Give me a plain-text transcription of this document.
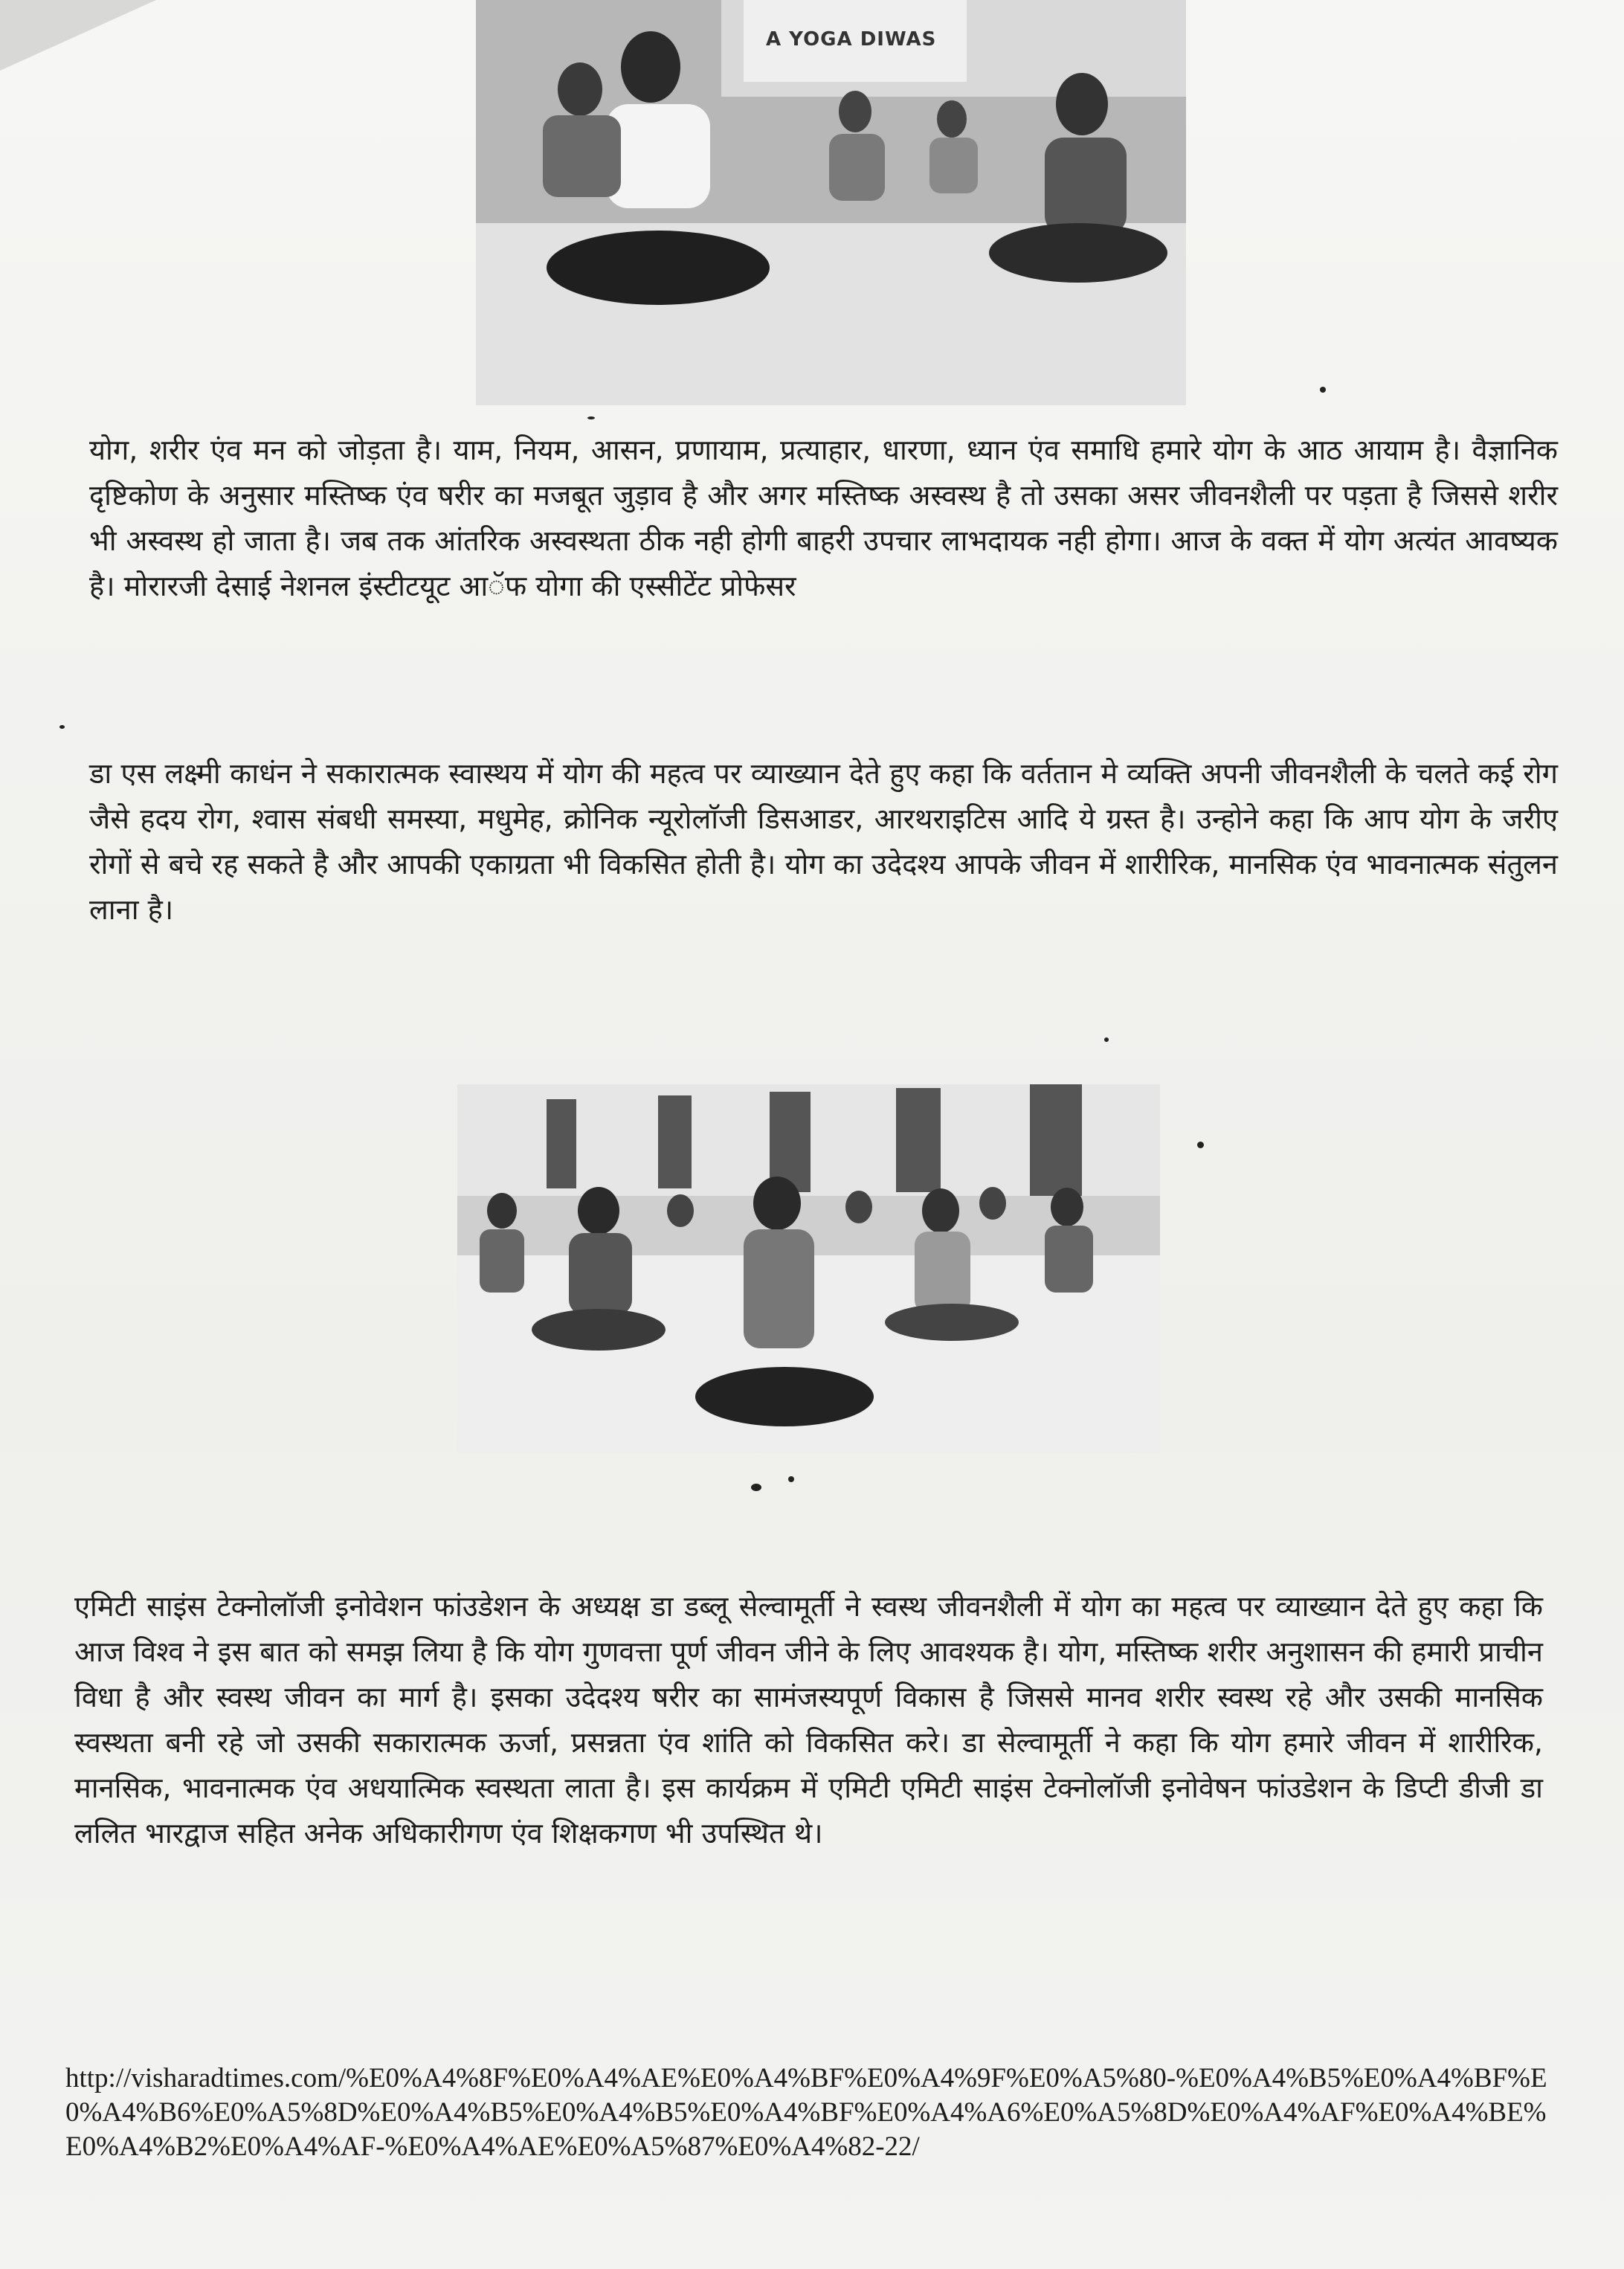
A YOGA DIWAS
योग, शरीर एंव मन को जोड़ता है। याम, नियम, आसन, प्रणायाम, प्रत्याहार, धारणा, ध्यान एंव समाधि हमारे योग के आठ आयाम है। वैज्ञानिक दृष्टिकोण के अनुसार मस्तिष्क एंव षरीर का मजबूत जुड़ाव है और अगर मस्तिष्क अस्वस्थ है तो उसका असर जीवनशैली पर पड़ता है जिससे शरीर भी अस्वस्थ हो जाता है। जब तक आंतरिक अस्वस्थता ठीक नही होगी बाहरी उपचार लाभदायक नही होगा। आज के वक्त में योग अत्यंत आवष्यक है। मोरारजी देसाई नेशनल इंस्टीटयूट आॅफ योगा की एस्सीटेंट प्रोफेसर
डा एस लक्ष्मी काधंन ने सकारात्मक स्वास्थय में योग की महत्व पर व्याख्यान देते हुए कहा कि वर्ततान मे व्यक्ति अपनी जीवनशैली के चलते कई रोग जैसे हदय रोग, श्वास संबधी समस्या, मधुमेह, क्रोनिक न्यूरोलाॅजी डिसआडर, आरथराइटिस आदि ये ग्रस्त है। उन्होने कहा कि आप योग के जरीए रोगों से बचे रह सकते है और आपकी एकाग्रता भी विकसित होती है। योग का उदेदश्य आपके जीवन में शारीरिक, मानसिक एंव भावनात्मक संतुलन लाना है।
एमिटी साइंस टेक्नोलाॅजी इनोवेशन फांउडेशन के अध्यक्ष डा डब्लू सेल्वामूर्ती ने स्वस्थ जीवनशैली में योग का महत्व पर व्याख्यान देते हुए कहा कि आज विश्व ने इस बात को समझ लिया है कि योग गुणवत्ता पूर्ण जीवन जीने के लिए आवश्यक है। योग, मस्तिष्क शरीर अनुशासन की हमारी प्राचीन विधा है और स्वस्थ जीवन का मार्ग है। इसका उदेदश्य षरीर का सामंजस्यपूर्ण विकास है जिससे मानव शरीर स्वस्थ रहे और उसकी मानसिक स्वस्थता बनी रहे जो उसकी सकारात्मक ऊर्जा, प्रसन्नता एंव शांति को विकसित करे। डा सेल्वामूर्ती ने कहा कि योग हमारे जीवन में शारीरिक, मानसिक, भावनात्मक एंव अधयात्मिक स्वस्थता लाता है। इस कार्यक्रम में एमिटी एमिटी साइंस टेक्नोलाॅजी इनोवेषन फांउडेशन के डिप्टी डीजी डा ललित भारद्वाज सहित अनेक अधिकारीगण एंव शिक्षकगण भी उपस्थित थे।
http://visharadtimes.com/%E0%A4%8F%E0%A4%AE%E0%A4%BF%E0%A4%9F%E0%A5%80-%E0%A4%B5%E0%A4%BF%E0%A4%B6%E0%A5%8D%E0%A4%B5%E0%A4%B5%E0%A4%BF%E0%A4%A6%E0%A5%8D%E0%A4%AF%E0%A4%BE%E0%A4%B2%E0%A4%AF-%E0%A4%AE%E0%A5%87%E0%A4%82-22/
